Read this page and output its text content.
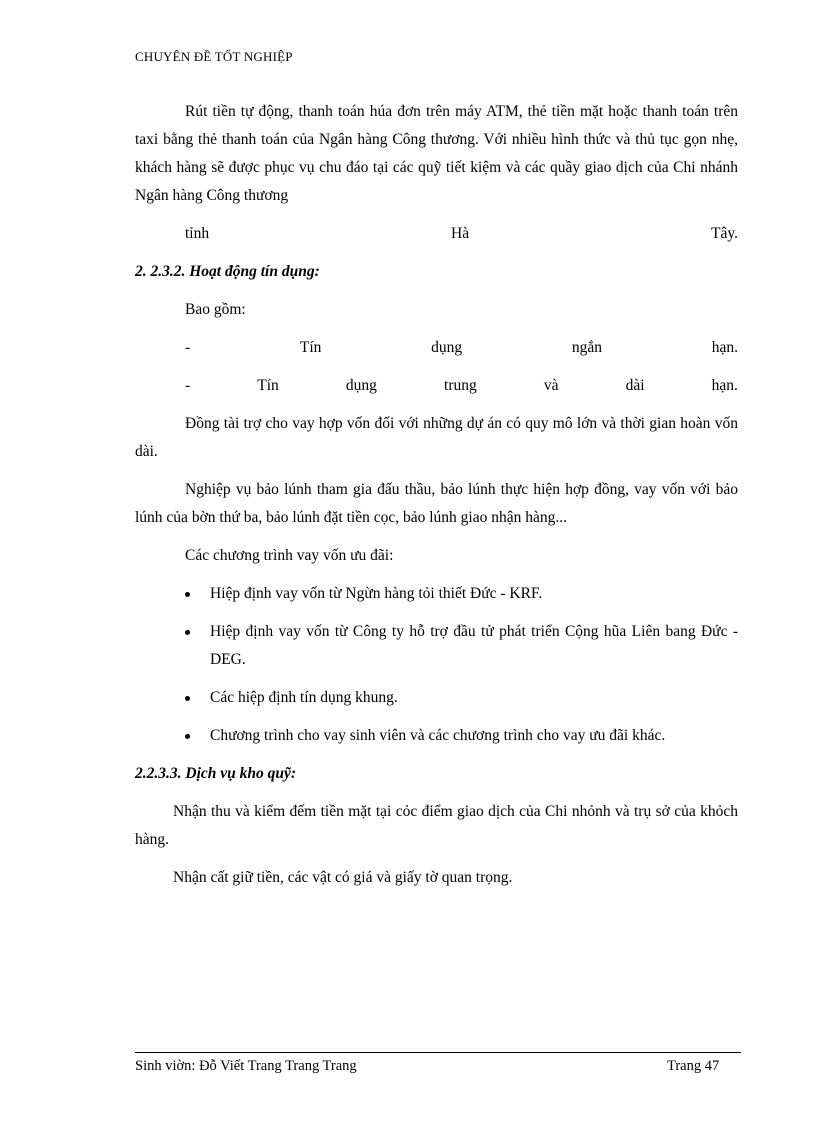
CHUYÊN ĐỀ TỐT NGHIỆP

Rút tiền tự động, thanh toán húa đơn trên máy ATM, thẻ tiền mặt hoặc thanh toán trên taxi bằng thẻ thanh toán của Ngân hàng Công thương. Với nhiều hình thức và thủ tục gọn nhẹ, khách hàng sẽ được phục vụ chu đáo tại các quỹ tiết kiệm và các quầy giao dịch của Chi nhánh Ngân hàng Công thương

tỉnh	Hà	Tây.

2. 2.3.2. Hoạt động tín dụng:

Bao gồm:

-	Tín	dụng	ngắn	hạn.
-	Tín	dụng	trung	và	dài	hạn.

Đồng tài trợ cho vay hợp vốn đối với những dự án có quy mô lớn và thời gian hoàn vốn dài.

Nghiệp vụ bảo lúnh tham gia đấu thầu, bảo lúnh thực hiện hợp đồng, vay vốn với bảo lúnh của bờn thứ ba, bảo lúnh đặt tiền cọc, bảo lúnh giao nhận hàng...

Các chương trình vay vốn ưu đãi:

Hiệp định vay vốn từ Ngừn hàng tỏi thiết Đức - KRF.
Hiệp định vay vốn từ Công ty hỗ trợ đầu tử phát triển Cộng hũa Liên bang Đức - DEG.
Các hiệp định tín dụng khung.
Chương trình cho vay sinh viên và các chương trình cho vay ưu đãi khác.

2.2.3.3. Dịch vụ kho quỹ:

Nhận thu và kiểm đếm tiền mặt tại cỏc điểm giao dịch của Chi nhỏnh và trụ sở của khỏch hàng.

Nhận cất giữ tiền, các vật có giá và giấy tờ quan trọng.

Sinh viờn: Đỗ Viết Trang Trang Trang	Trang 47
